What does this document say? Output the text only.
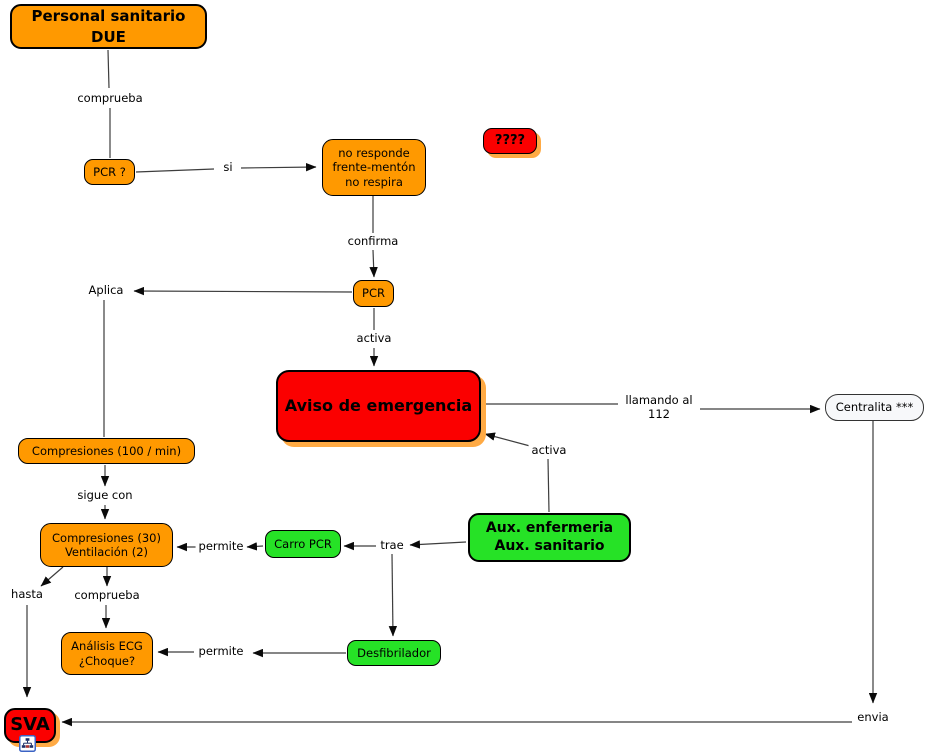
Personal sanitario
DUE
PCR ?
no responde
frente-mentón
no respira
????
PCR
Aviso de emergencia	Centralita ***
Compresiones (100 / min)
Compresiones (30)
Ventilación (2)
Carro PCR
Aux. enfermeria
Aux. sanitario
Análisis ECG
¿Choque?
Desfibrilador
SVA
comprueba
si
confirma
Aplica
activa
llamando al
112
activa
sigue con
permite	trae
hasta	comprueba
permite
envia
